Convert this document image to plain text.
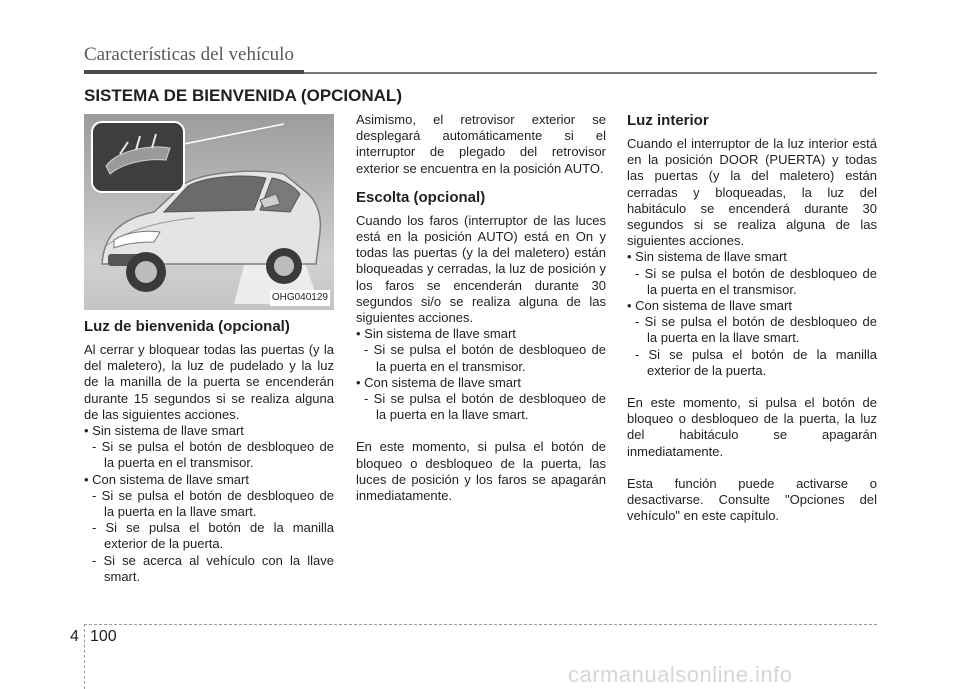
Características del vehículo
SISTEMA DE BIENVENIDA (OPCIONAL)
OHG040129
Luz de bienvenida (opcional)

Al cerrar y bloquear todas las puertas (y la del maletero), la luz de pudelado y la luz de la manilla de la puerta se encenderán durante 15 segundos si se realiza alguna de las siguientes acciones.

• Sin sistema de llave smart

- Si se pulsa el botón de desbloqueo de la puerta en el transmisor.

• Con sistema de llave smart

- Si se pulsa el botón de desbloqueo de la puerta en la llave smart.

- Si se pulsa el botón de la manilla exterior de la puerta.

- Si se acerca al vehículo con la llave smart.

Asimismo, el retrovisor exterior se desplegará automáticamente si el interruptor de plegado del retrovisor exterior se encuentra en la posición AUTO.

Escolta (opcional)

Cuando los faros (interruptor de las luces está en la posición AUTO) está en On y todas las puertas (y la del maletero) están bloqueadas y cerradas, la luz de posición y los faros se encenderán durante 30 segundos si/o se realiza alguna de las siguientes acciones.

• Sin sistema de llave smart

- Si se pulsa el botón de desbloqueo de la puerta en el transmisor.

• Con sistema de llave smart

- Si se pulsa el botón de desbloqueo de la puerta en la llave smart.

En este momento, si pulsa el botón de bloqueo o desbloqueo de la puerta, las luces de posición y los faros se apagarán inmediatamente.

Luz interior

Cuando el interruptor de la luz interior está en la posición DOOR (PUERTA) y todas las puertas (y la del maletero) están cerradas y bloqueadas, la luz del habitáculo se encenderá durante 30 segundos si se realiza alguna de las siguientes acciones.

• Sin sistema de llave smart

- Si se pulsa el botón de desbloqueo de la puerta en el transmisor.

• Con sistema de llave smart

- Si se pulsa el botón de desbloqueo de la puerta en la llave smart.

- Si se pulsa el botón de la manilla exterior de la puerta.

En este momento, si pulsa el botón de bloqueo o desbloqueo de la puerta, la luz del habitáculo se apagarán inmediatamente.

Esta función puede activarse o desactivarse. Consulte "Opciones del vehículo" en este capítulo.

4 100
carmanualsonline.info
